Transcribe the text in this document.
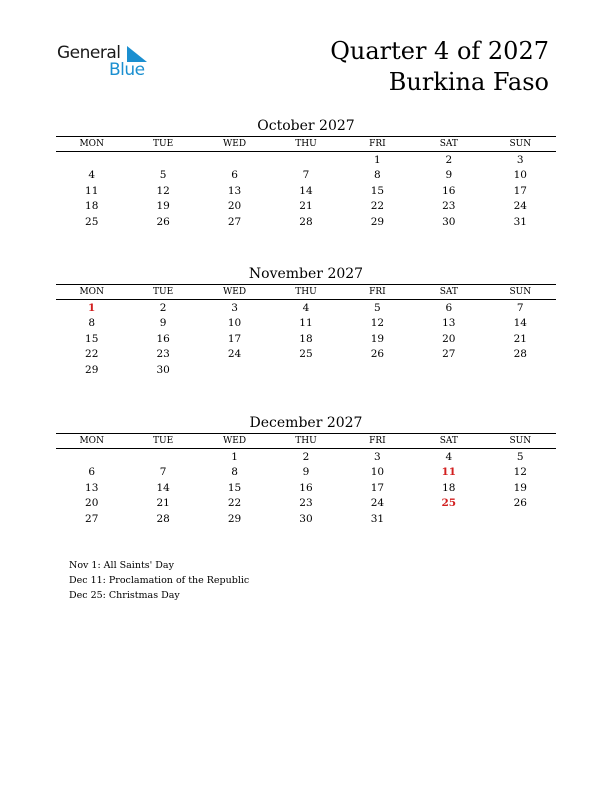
General
Blue
Quarter 4 of 2027
Burkina Faso
October 2027
MON	TUE	WED	THU	FRI	SAT	SUN
				1	2	3
4	5	6	7	8	9	10
11	12	13	14	15	16	17
18	19	20	21	22	23	24
25	26	27	28	29	30	31
November 2027
MON	TUE	WED	THU	FRI	SAT	SUN
1	2	3	4	5	6	7
8	9	10	11	12	13	14
15	16	17	18	19	20	21
22	23	24	25	26	27	28
29	30					
December 2027
MON	TUE	WED	THU	FRI	SAT	SUN
		1	2	3	4	5
6	7	8	9	10	11	12
13	14	15	16	17	18	19
20	21	22	23	24	25	26
27	28	29	30	31		
Nov 1: All Saints' Day
Dec 11: Proclamation of the Republic
Dec 25: Christmas Day
